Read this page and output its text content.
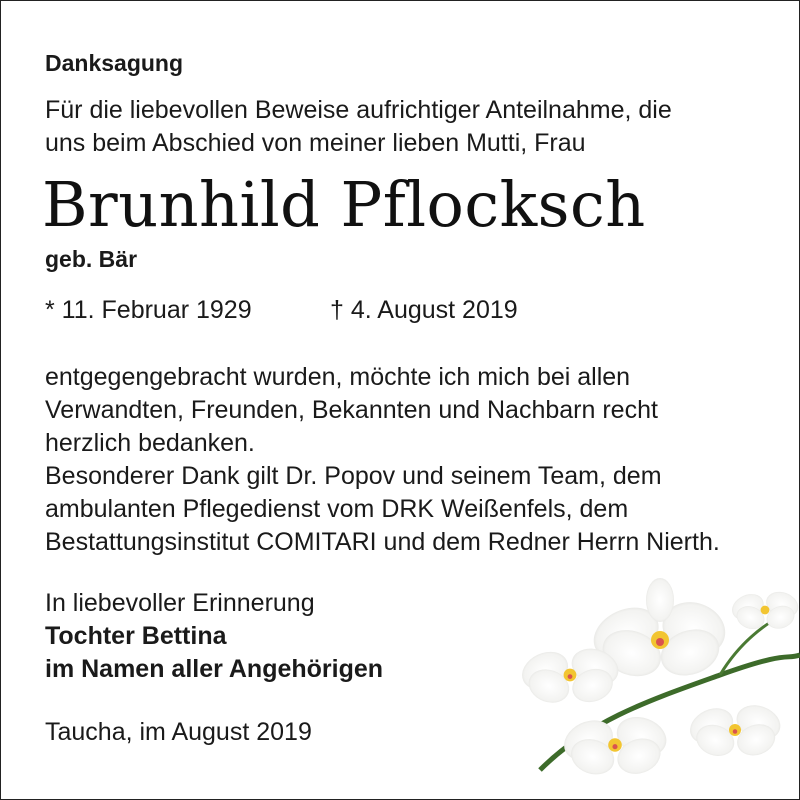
Danksagung

Für die liebevollen Beweise aufrichtiger Anteilnahme, die

uns beim Abschied von meiner lieben Mutti, Frau

Brunhild Pflocksch

geb. Bär

* 11. Februar 1929	† 4. August 2019

entgegengebracht wurden, möchte ich mich bei allen

Verwandten, Freunden, Bekannten und Nachbarn recht

herzlich bedanken.

Besonderer Dank gilt Dr. Popov und seinem Team, dem

ambulanten Pflegedienst vom DRK Weißenfels, dem

Bestattungsinstitut COMITARI und dem Redner Herrn Nierth.

In liebevoller Erinnerung

Tochter Bettina

im Namen aller Angehörigen

Taucha, im August 2019
